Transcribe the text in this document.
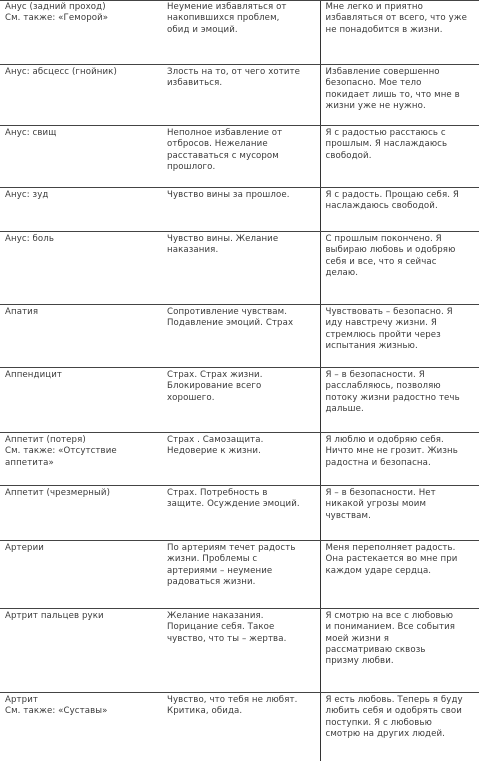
Анус (задний проход)
См. также: «Геморой»	Неумение избавляться от
накопившихся проблем,
обид и эмоций.	Мне легко и приятно
избавляться от всего, что уже
не понадобится в жизни.

Анус: абсцесс (гнойник)	Злость на то, от чего хотите
избавиться.	Избавление совершенно
безопасно. Мое тело
покидает лишь то, что мне в
жизни уже не нужно.

Анус: свищ	Неполное избавление от
отбросов. Нежелание
расставаться с мусором
прошлого.	Я с радостью расстаюсь с
прошлым. Я наслаждаюсь
свободой.

Анус: зуд	Чувство вины за прошлое.	Я с радость. Прощаю себя. Я
наслаждаюсь свободой.

Анус: боль	Чувство вины. Желание
наказания.	С прошлым покончено. Я
выбираю любовь и одобряю
себя и все, что я сейчас
делаю.

Апатия	Сопротивление чувствам.
Подавление эмоций. Страх	Чувствовать – безопасно. Я
иду навстречу жизни. Я
стремлюсь пройти через
испытания жизнью.

Аппендицит	Страх. Страх жизни.
Блокирование всего
хорошего.	Я – в безопасности. Я
расслабляюсь, позволяю
потоку жизни радостно течь
дальше.

Аппетит (потеря)
См. также: «Отсутствие
аппетита»	Страх . Самозащита.
Недоверие к жизни.	Я люблю и одобряю себя.
Ничто мне не грозит. Жизнь
радостна и безопасна.

Аппетит (чрезмерный)	Страх. Потребность в
защите. Осуждение эмоций.	Я – в безопасности. Нет
никакой угрозы моим
чувствам.

Артерии	По артериям течет радость
жизни. Проблемы с
артериями – неумение
радоваться жизни.	Меня переполняет радость.
Она растекается во мне при
каждом ударе сердца.

Артрит пальцев руки	Желание наказания.
Порицание себя. Такое
чувство, что ты – жертва.	Я смотрю на все с любовью
и пониманием. Все события
моей жизни я
рассматриваю сквозь
призму любви.

Артрит
См. также: «Суставы»	Чувство, что тебя не любят.
Критика, обида.	Я есть любовь. Теперь я буду
любить себя и одобрять свои
поступки. Я с любовью
смотрю на других людей.
